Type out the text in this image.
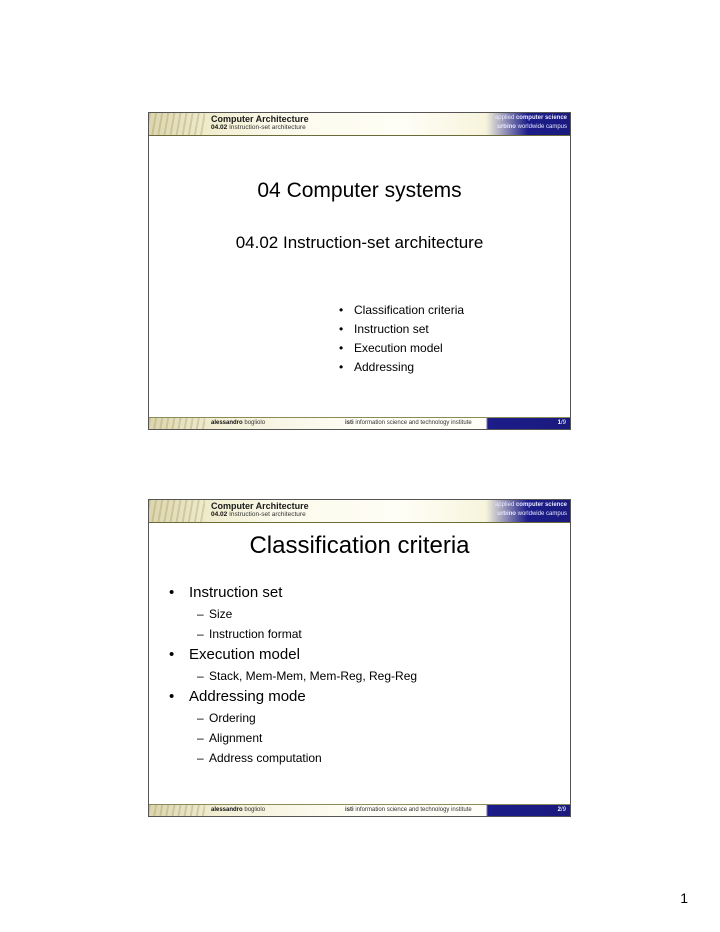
Computer Architecture
04.02 Instruction-set architecture
applied computer science
urbino worldwide campus
04 Computer systems
04.02 Instruction-set architecture
• Classification criteria
• Instruction set
• Execution model
• Addressing
alessandro bogliolo	isti information science and technology institute	1/9
Computer Architecture
04.02 Instruction-set architecture
applied computer science
urbino worldwide campus
Classification criteria
• Instruction set
– Size
– Instruction format
• Execution model
– Stack, Mem-Mem, Mem-Reg, Reg-Reg
• Addressing mode
– Ordering
– Alignment
– Address computation
alessandro bogliolo	isti information science and technology institute	2/9
1
